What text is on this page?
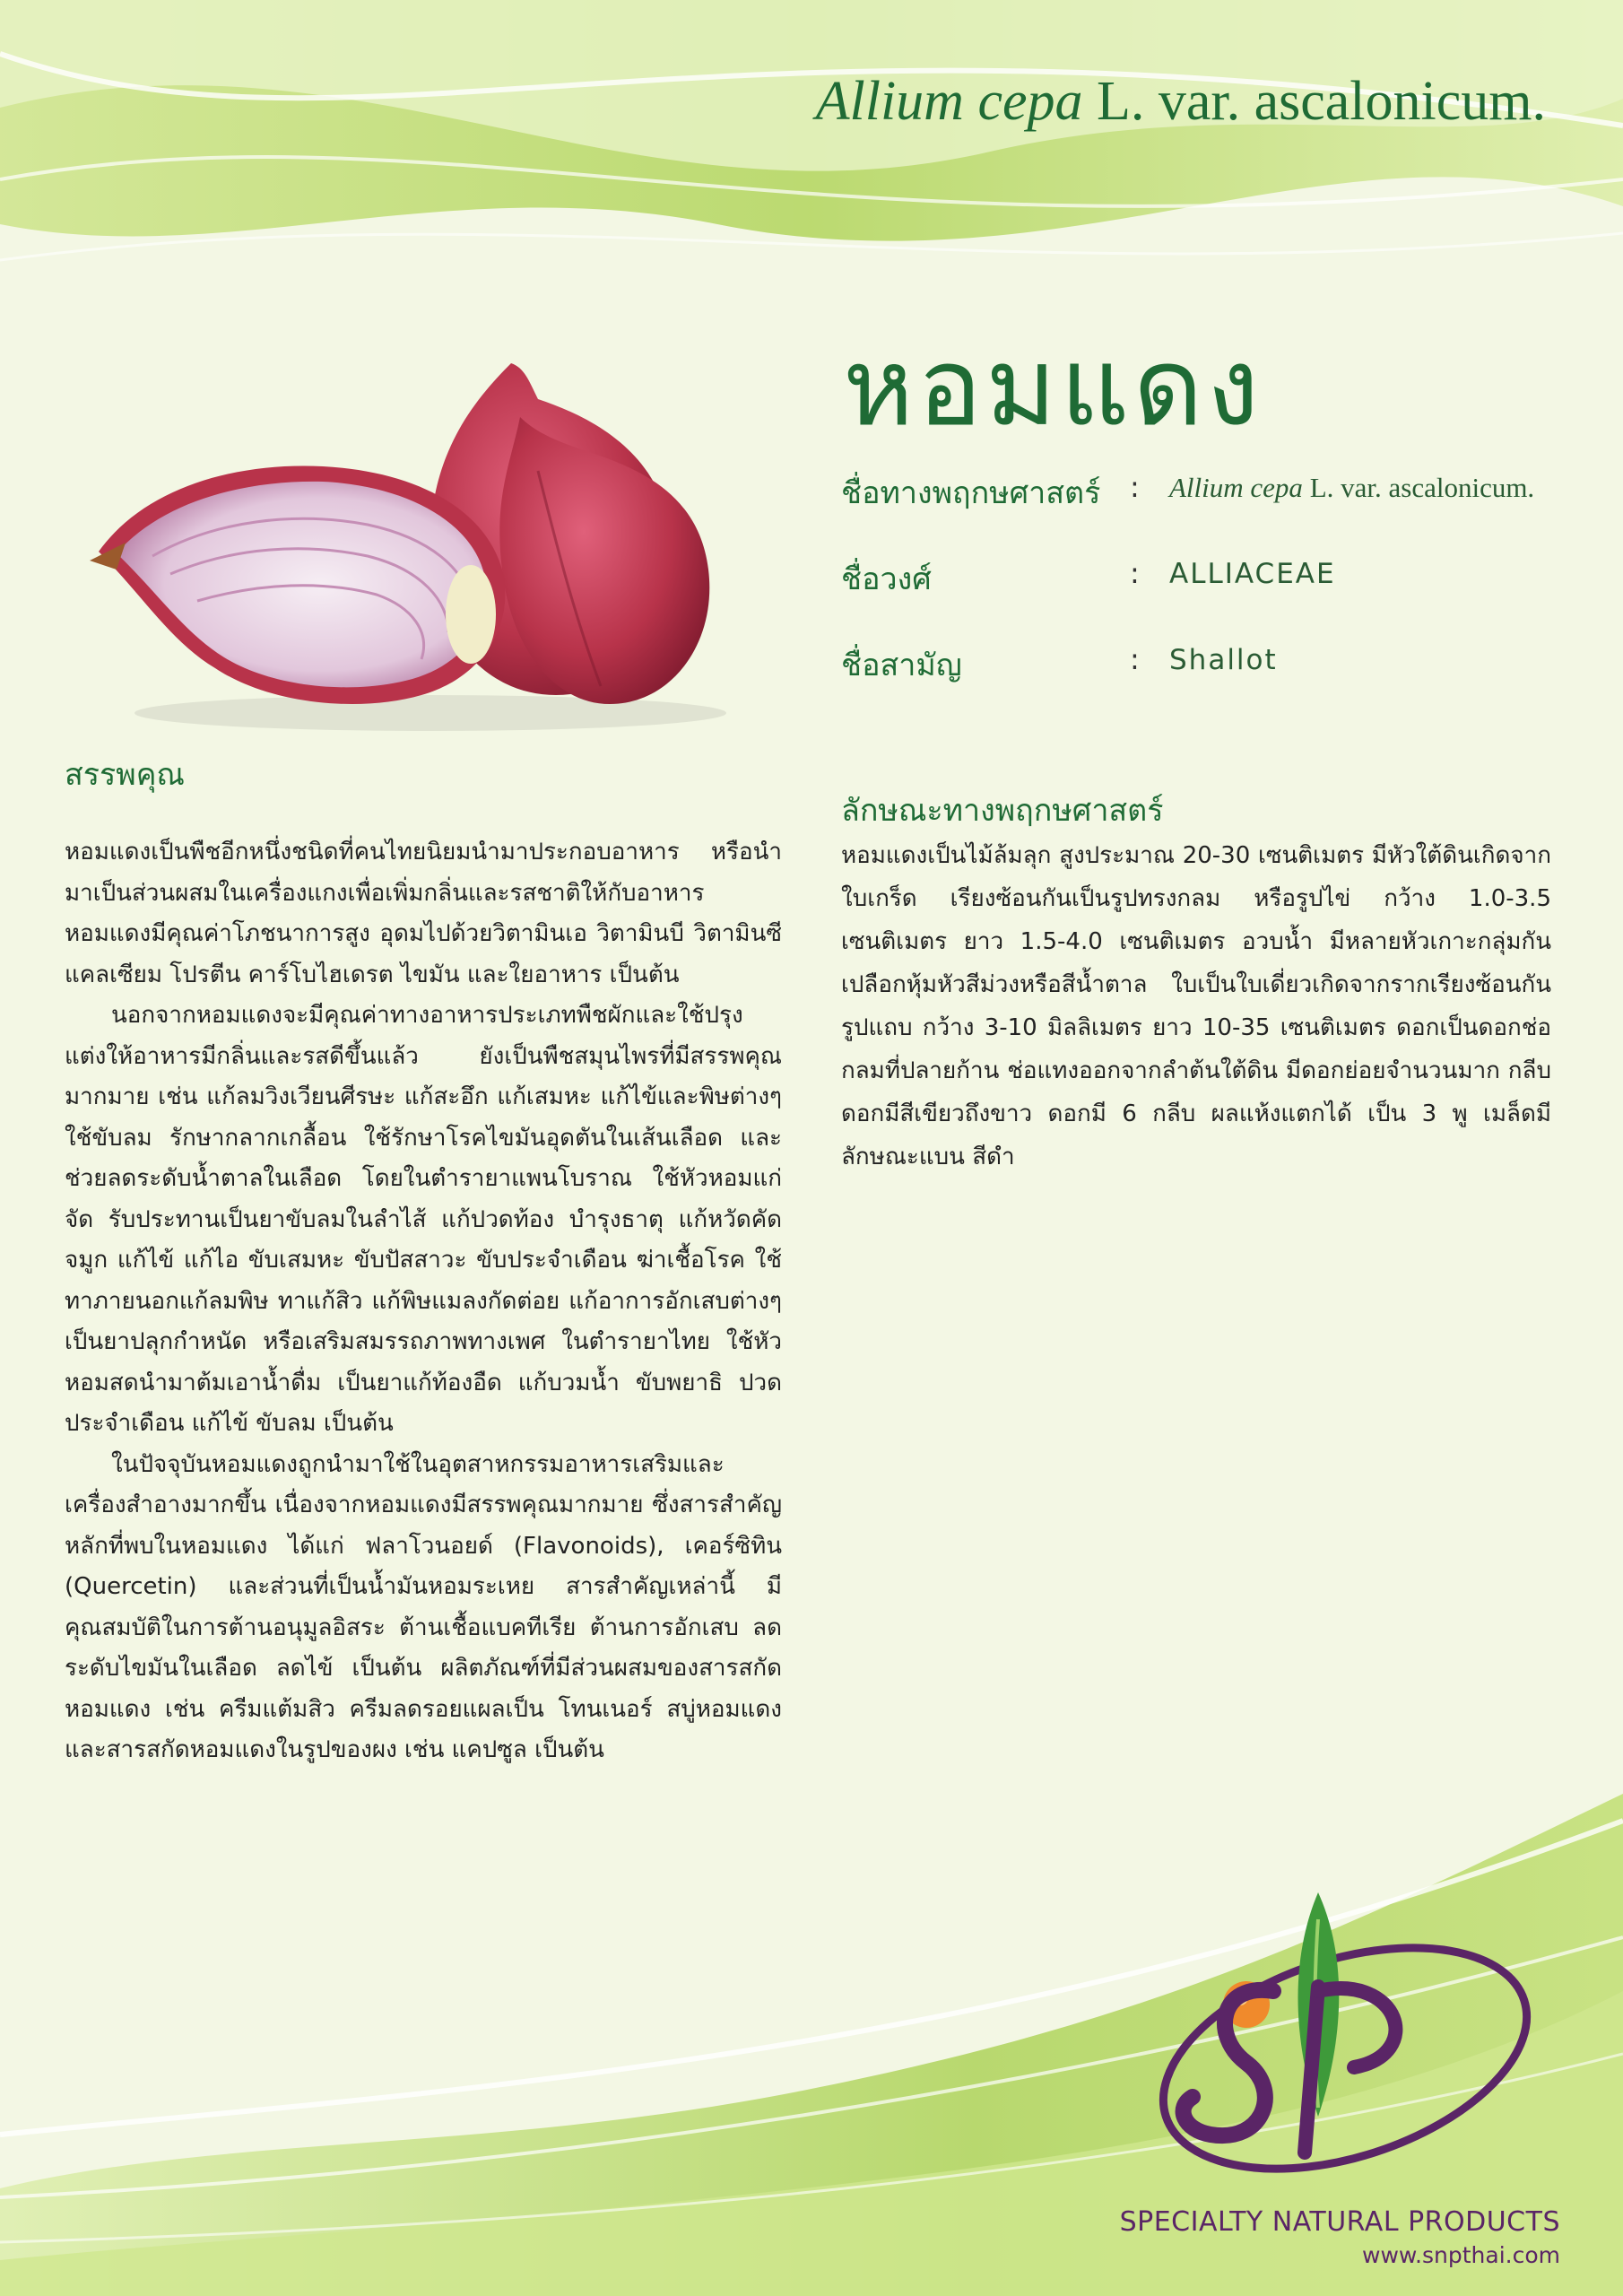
Allium cepa L. var. ascalonicum.
หอมแดง
ชื่อทางพฤกษศาสตร์ : Allium cepa L. var. ascalonicum.
ชื่อวงศ์	: ALLIACEAE
ชื่อสามัญ	: Shallot
สรรพคุณ

หอมแดงเป็นพืชอีกหนึ่งชนิดที่คนไทยนิยมนำมาประกอบอาหาร หรือนำมาเป็นส่วนผสมในเครื่องแกงเพื่อเพิ่มกลิ่นและรสชาติให้กับอาหาร หอมแดงมีคุณค่าโภชนาการสูง อุดมไปด้วยวิตามินเอ วิตามินบี วิตามินซี แคลเซียม โปรตีน คาร์โบไฮเดรต ไขมัน และใยอาหาร เป็นต้น

นอกจากหอมแดงจะมีคุณค่าทางอาหารประเภทพืชผักและใช้ปรุงแต่งให้อาหารมีกลิ่นและรสดีขึ้นแล้ว ยังเป็นพืชสมุนไพรที่มีสรรพคุณมากมาย เช่น แก้ลมวิงเวียนศีรษะ แก้สะอึก แก้เสมหะ แก้ไข้และพิษต่างๆ ใช้ขับลม รักษากลากเกลื้อน ใช้รักษาโรคไขมันอุดตันในเส้นเลือด และช่วยลดระดับน้ำตาลในเลือด โดยในตำรายาแพนโบราณ ใช้หัวหอมแก่จัด รับประทานเป็นยาขับลมในลำไส้ แก้ปวดท้อง บำรุงธาตุ แก้หวัดคัดจมูก แก้ไข้ แก้ไอ ขับเสมหะ ขับปัสสาวะ ขับประจำเดือน ฆ่าเชื้อโรค ใช้ทาภายนอกแก้ลมพิษ ทาแก้สิว แก้พิษแมลงกัดต่อย แก้อาการอักเสบต่างๆ เป็นยาปลุกกำหนัด หรือเสริมสมรรถภาพทางเพศ ในตำรายาไทย ใช้หัวหอมสดนำมาต้มเอาน้ำดื่ม เป็นยาแก้ท้องอืด แก้บวมน้ำ ขับพยาธิ ปวดประจำเดือน แก้ไข้ ขับลม เป็นต้น

ในปัจจุบันหอมแดงถูกนำมาใช้ในอุตสาหกรรมอาหารเสริมและเครื่องสำอางมากขึ้น เนื่องจากหอมแดงมีสรรพคุณมากมาย ซึ่งสารสำคัญหลักที่พบในหอมแดง ได้แก่ ฟลาโวนอยด์ (Flavonoids), เคอร์ซิทิน (Quercetin) และส่วนที่เป็นน้ำมันหอมระเหย สารสำคัญเหล่านี้ มีคุณสมบัติในการต้านอนุมูลอิสระ ต้านเชื้อแบคทีเรีย ต้านการอักเสบ ลดระดับไขมันในเลือด ลดไข้ เป็นต้น ผลิตภัณฑ์ที่มีส่วนผสมของสารสกัดหอมแดง เช่น ครีมแต้มสิว ครีมลดรอยแผลเป็น โทนเนอร์ สบู่หอมแดง และสารสกัดหอมแดงในรูปของผง เช่น แคปซูล เป็นต้น

ลักษณะทางพฤกษศาสตร์
หอมแดงเป็นไม้ล้มลุก สูงประมาณ 20-30 เซนติเมตร มีหัวใต้ดินเกิดจากใบเกร็ด เรียงซ้อนกันเป็นรูปทรงกลม หรือรูปไข่ กว้าง 1.0-3.5 เซนติเมตร ยาว 1.5-4.0 เซนติเมตร อวบน้ำ มีหลายหัวเกาะกลุ่มกัน เปลือกหุ้มหัวสีม่วงหรือสีน้ำตาล ใบเป็นใบเดี่ยวเกิดจากรากเรียงซ้อนกัน รูปแถบ กว้าง 3-10 มิลลิเมตร ยาว 10-35 เซนติเมตร ดอกเป็นดอกช่อกลมที่ปลายก้าน ช่อแทงออกจากลำต้นใต้ดิน มีดอกย่อยจำนวนมาก กลีบดอกมีสีเขียวถึงขาว ดอกมี 6 กลีบ ผลแห้งแตกได้ เป็น 3 พู เมล็ดมีลักษณะแบน สีดำ
SPECIALTY NATURAL PRODUCTS
www.snpthai.com
